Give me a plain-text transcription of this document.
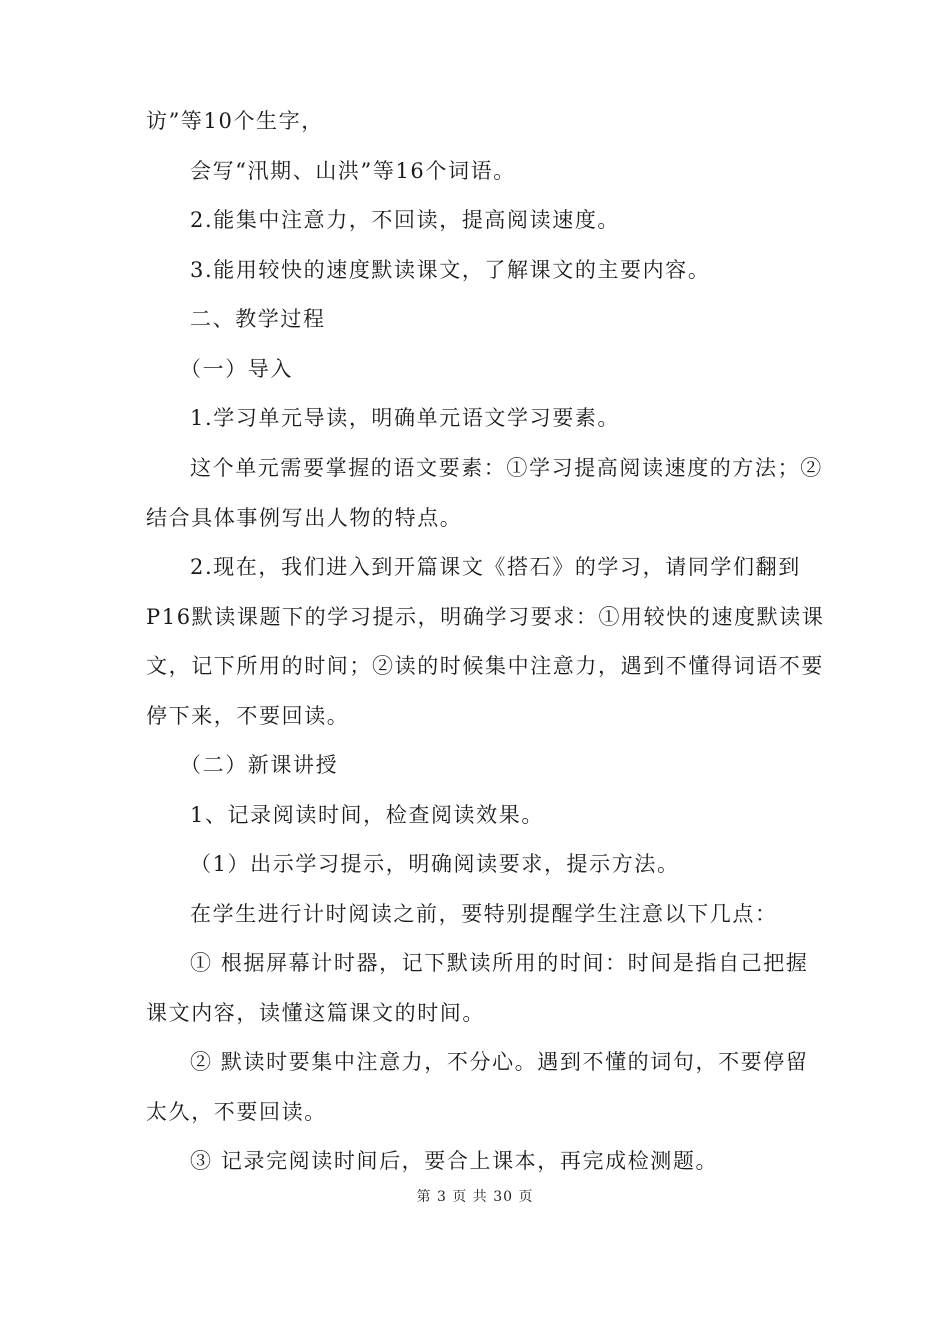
访”等10个生字，

会写“汛期、山洪”等16个词语。

2.能集中注意力，不回读，提高阅读速度。

3.能用较快的速度默读课文，了解课文的主要内容。

二、教学过程

（一）导入

1.学习单元导读，明确单元语文学习要素。

这个单元需要掌握的语文要素：①学习提高阅读速度的方法；②结合具体事例写出人物的特点。

2.现在，我们进入到开篇课文《搭石》的学习，请同学们翻到P16默读课题下的学习提示，明确学习要求：①用较快的速度默读课文，记下所用的时间；②读的时候集中注意力，遇到不懂得词语不要停下来，不要回读。

（二）新课讲授

1、记录阅读时间，检查阅读效果。

（1）出示学习提示，明确阅读要求，提示方法。

在学生进行计时阅读之前，要特别提醒学生注意以下几点：

① 根据屏幕计时器，记下默读所用的时间：时间是指自己把握课文内容，读懂这篇课文的时间。

② 默读时要集中注意力，不分心。遇到不懂的词句，不要停留太久，不要回读。

③ 记录完阅读时间后，要合上课本，再完成检测题。

第 3 页 共 30 页
